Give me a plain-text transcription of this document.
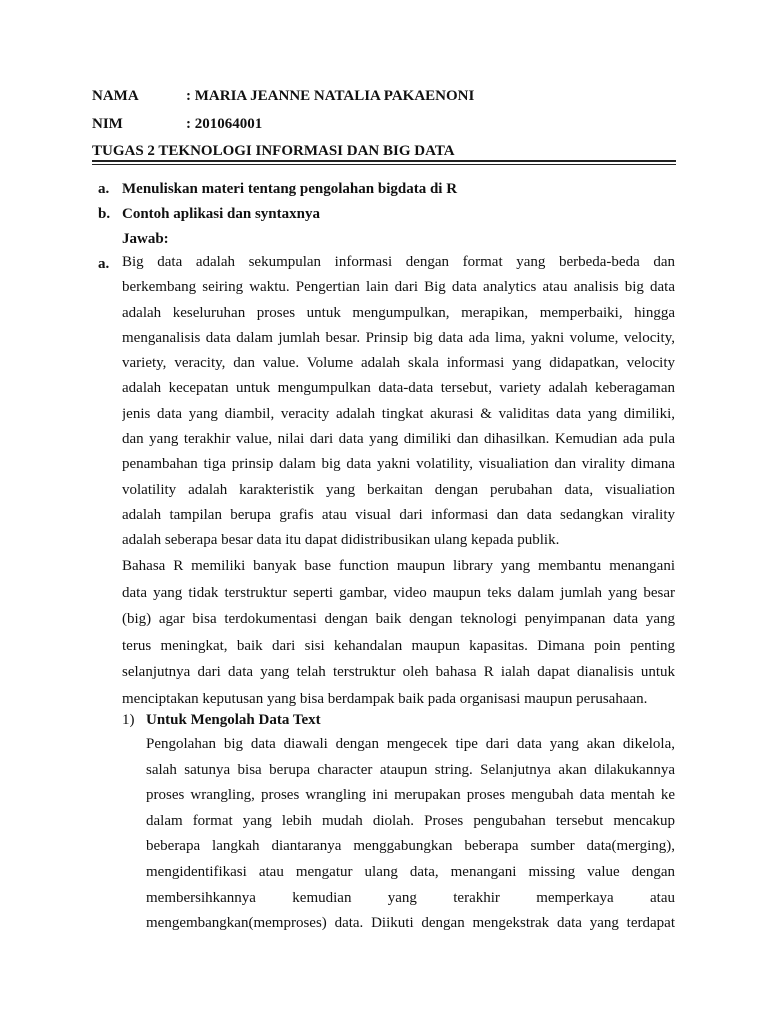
NAMA	: MARIA JEANNE NATALIA PAKAENONI
NIM	: 201064001
TUGAS 2 TEKNOLOGI INFORMASI DAN BIG DATA
a. Menuliskan materi tentang pengolahan bigdata di R
b. Contoh aplikasi dan syntaxnya
Jawab:
a. Big data adalah sekumpulan informasi dengan format yang berbeda-beda dan
berkembang seiring waktu. Pengertian lain dari Big data analytics atau analisis big data
adalah keseluruhan proses untuk mengumpulkan, merapikan, memperbaiki, hingga
menganalisis data dalam jumlah besar. Prinsip big data ada lima, yakni volume, velocity,
variety, veracity, dan value. Volume adalah skala informasi yang didapatkan, velocity
adalah kecepatan untuk mengumpulkan data-data tersebut, variety adalah keberagaman
jenis data yang diambil, veracity adalah tingkat akurasi & validitas data yang dimiliki,
dan yang terakhir value, nilai dari data yang dimiliki dan dihasilkan. Kemudian ada pula
penambahan tiga prinsip dalam big data yakni volatility, visualiation dan virality dimana
volatility adalah karakteristik yang berkaitan dengan perubahan data, visualiation
adalah tampilan berupa grafis atau visual dari informasi dan data sedangkan virality
adalah seberapa besar data itu dapat didistribusikan ulang kepada publik.
Bahasa R memiliki banyak base function maupun library yang membantu menangani
data yang tidak terstruktur seperti gambar, video maupun teks dalam jumlah yang besar
(big) agar bisa terdokumentasi dengan baik dengan teknologi penyimpanan data yang
terus meningkat, baik dari sisi kehandalan maupun kapasitas. Dimana poin penting
selanjutnya dari data yang telah terstruktur oleh bahasa R ialah dapat dianalisis untuk
menciptakan keputusan yang bisa berdampak baik pada organisasi maupun perusahaan.
1) Untuk Mengolah Data Text
Pengolahan big data diawali dengan mengecek tipe dari data yang akan dikelola,
salah satunya bisa berupa character ataupun string. Selanjutnya akan dilakukannya
proses wrangling, proses wrangling ini merupakan proses mengubah data mentah ke
dalam format yang lebih mudah diolah. Proses pengubahan tersebut mencakup
beberapa langkah diantaranya menggabungkan beberapa sumber data(merging),
mengidentifikasi atau mengatur ulang data, menangani missing value dengan
membersihkannya kemudian yang terakhir memperkaya atau
mengembangkan(memproses) data. Diikuti dengan mengekstrak data yang terdapat
